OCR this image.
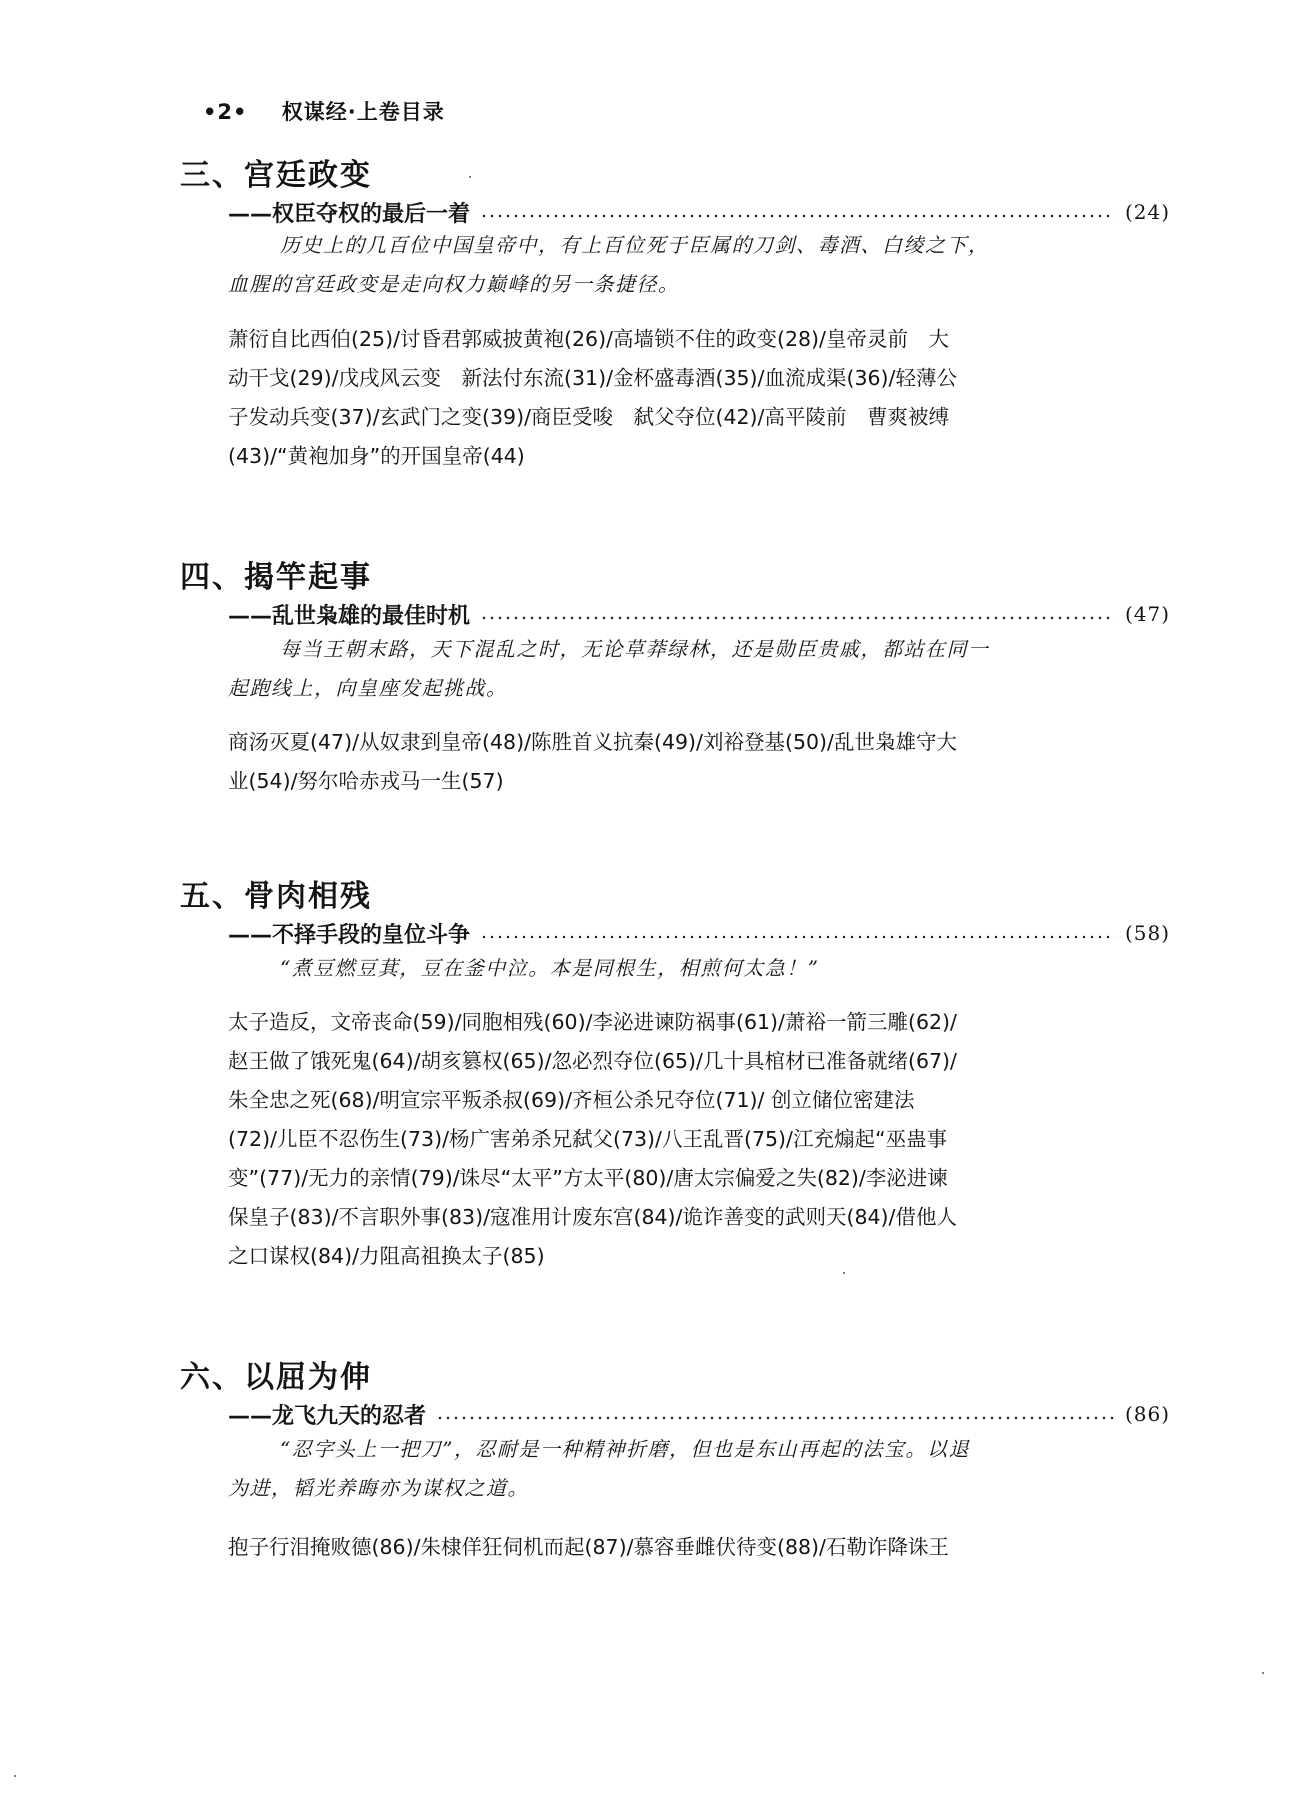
•2• 权谋经·上卷目录
三、宫廷政变
——权臣夺权的最后一着	(24)
历史上的几百位中国皇帝中，有上百位死于臣属的刀剑、毒酒、白绫之下，
血腥的宫廷政变是走向权力巅峰的另一条捷径。
萧衍自比西伯(25)/讨昏君郭威披黄袍(26)/高墙锁不住的政变(28)/皇帝灵前　大
动干戈(29)/戊戌风云变　新法付东流(31)/金杯盛毒酒(35)/血流成渠(36)/轻薄公
子发动兵变(37)/玄武门之变(39)/商臣受唆　弑父夺位(42)/高平陵前　曹爽被缚
(43)/“黄袍加身”的开国皇帝(44)
四、揭竿起事
——乱世枭雄的最佳时机	(47)
每当王朝末路，天下混乱之时，无论草莽绿林，还是勋臣贵戚，都站在同一
起跑线上，向皇座发起挑战。
商汤灭夏(47)/从奴隶到皇帝(48)/陈胜首义抗秦(49)/刘裕登基(50)/乱世枭雄守大
业(54)/努尔哈赤戎马一生(57)
五、骨肉相残
——不择手段的皇位斗争	(58)
“煮豆燃豆萁，豆在釜中泣。本是同根生，相煎何太急！”
太子造反，文帝丧命(59)/同胞相残(60)/李泌进谏防祸事(61)/萧裕一箭三雕(62)/
赵王做了饿死鬼(64)/胡亥篡权(65)/忽必烈夺位(65)/几十具棺材已准备就绪(67)/
朱全忠之死(68)/明宣宗平叛杀叔(69)/齐桓公杀兄夺位(71)/ 创立储位密建法
(72)/儿臣不忍伤生(73)/杨广害弟杀兄弑父(73)/八王乱晋(75)/江充煽起“巫蛊事
变”(77)/无力的亲情(79)/诛尽“太平”方太平(80)/唐太宗偏爱之失(82)/李泌进谏
保皇子(83)/不言职外事(83)/寇准用计废东宫(84)/诡诈善变的武则天(84)/借他人
之口谋权(84)/力阻高祖换太子(85)
六、以屈为伸
——龙飞九天的忍者	(86)
“忍字头上一把刀”，忍耐是一种精神折磨，但也是东山再起的法宝。以退
为进，韬光养晦亦为谋权之道。
抱子行泪掩败德(86)/朱棣佯狂伺机而起(87)/慕容垂雌伏待变(88)/石勒诈降诛王
